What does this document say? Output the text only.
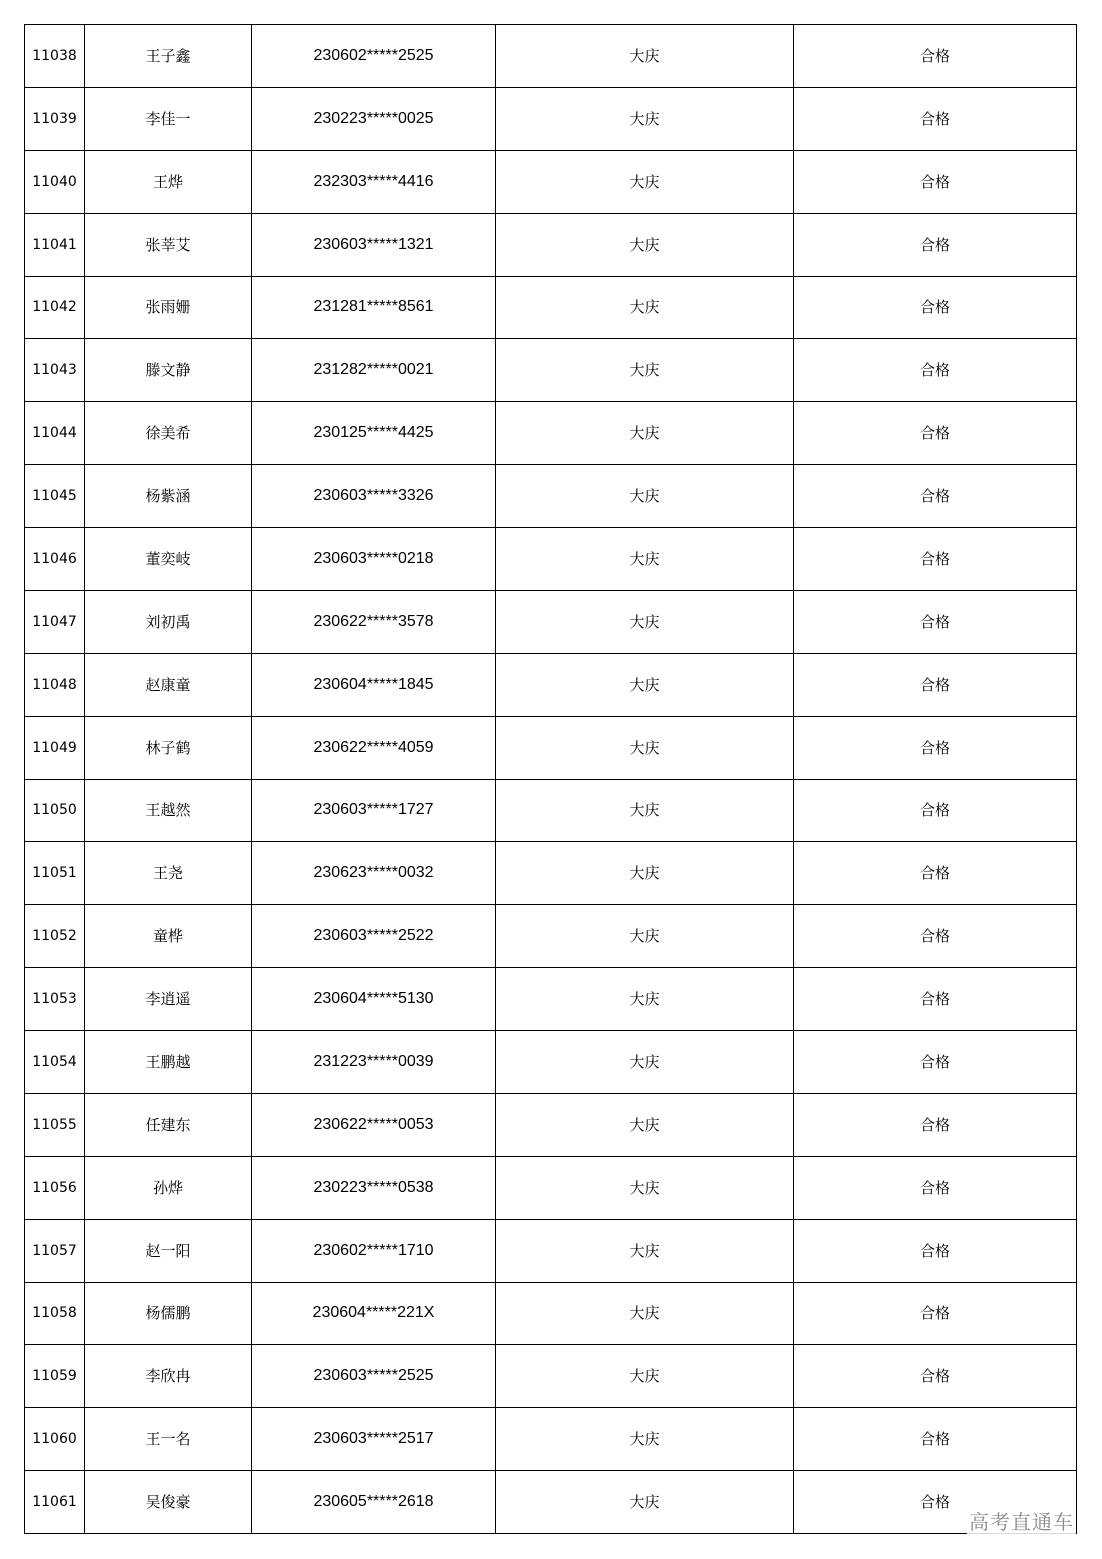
11038	王子鑫	230602*****2525	大庆	合格
11039	李佳一	230223*****0025	大庆	合格
11040	王烨	232303*****4416	大庆	合格
11041	张莘艾	230603*****1321	大庆	合格
11042	张雨姗	231281*****8561	大庆	合格
11043	滕文静	231282*****0021	大庆	合格
11044	徐美希	230125*****4425	大庆	合格
11045	杨紫涵	230603*****3326	大庆	合格
11046	董奕岐	230603*****0218	大庆	合格
11047	刘初禹	230622*****3578	大庆	合格
11048	赵康童	230604*****1845	大庆	合格
11049	林子鹤	230622*****4059	大庆	合格
11050	王越然	230603*****1727	大庆	合格
11051	王尧	230623*****0032	大庆	合格
11052	童桦	230603*****2522	大庆	合格
11053	李逍遥	230604*****5130	大庆	合格
11054	王鹏越	231223*****0039	大庆	合格
11055	任建东	230622*****0053	大庆	合格
11056	孙烨	230223*****0538	大庆	合格
11057	赵一阳	230602*****1710	大庆	合格
11058	杨儒鹏	230604*****221X	大庆	合格
11059	李欣冉	230603*****2525	大庆	合格
11060	王一名	230603*****2517	大庆	合格
11061	吴俊豪	230605*****2618	大庆	合格
高考直通车
